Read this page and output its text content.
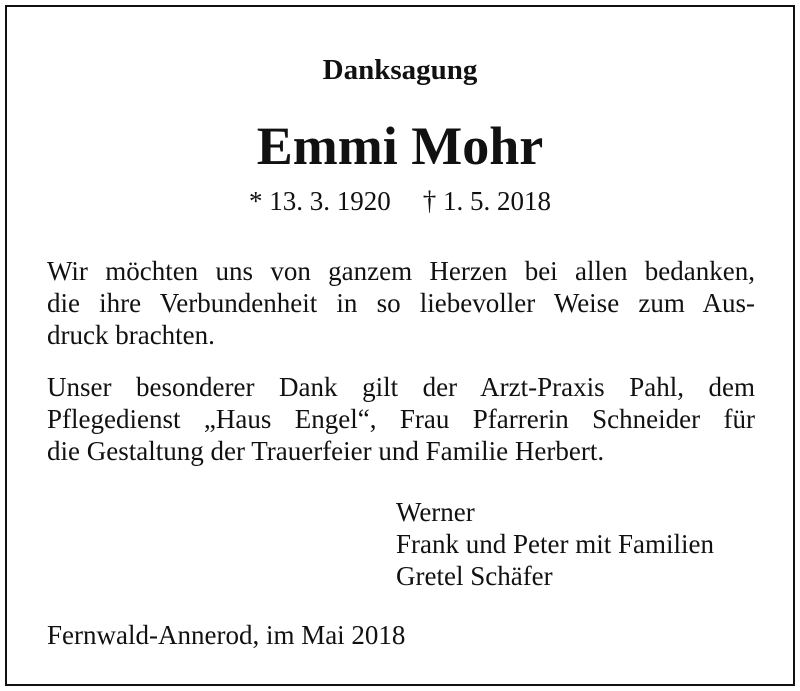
Danksagung
Emmi Mohr
* 13. 3. 1920 † 1. 5. 2018
Wir möchten uns von ganzem Herzen bei allen bedanken,
die ihre Verbundenheit in so liebevoller Weise zum Aus-
druck brachten.
Unser besonderer Dank gilt der Arzt-Praxis Pahl, dem
Pflegedienst „Haus Engel“, Frau Pfarrerin Schneider für
die Gestaltung der Trauerfeier und Familie Herbert.
Werner
Frank und Peter mit Familien
Gretel Schäfer
Fernwald-Annerod, im Mai 2018
